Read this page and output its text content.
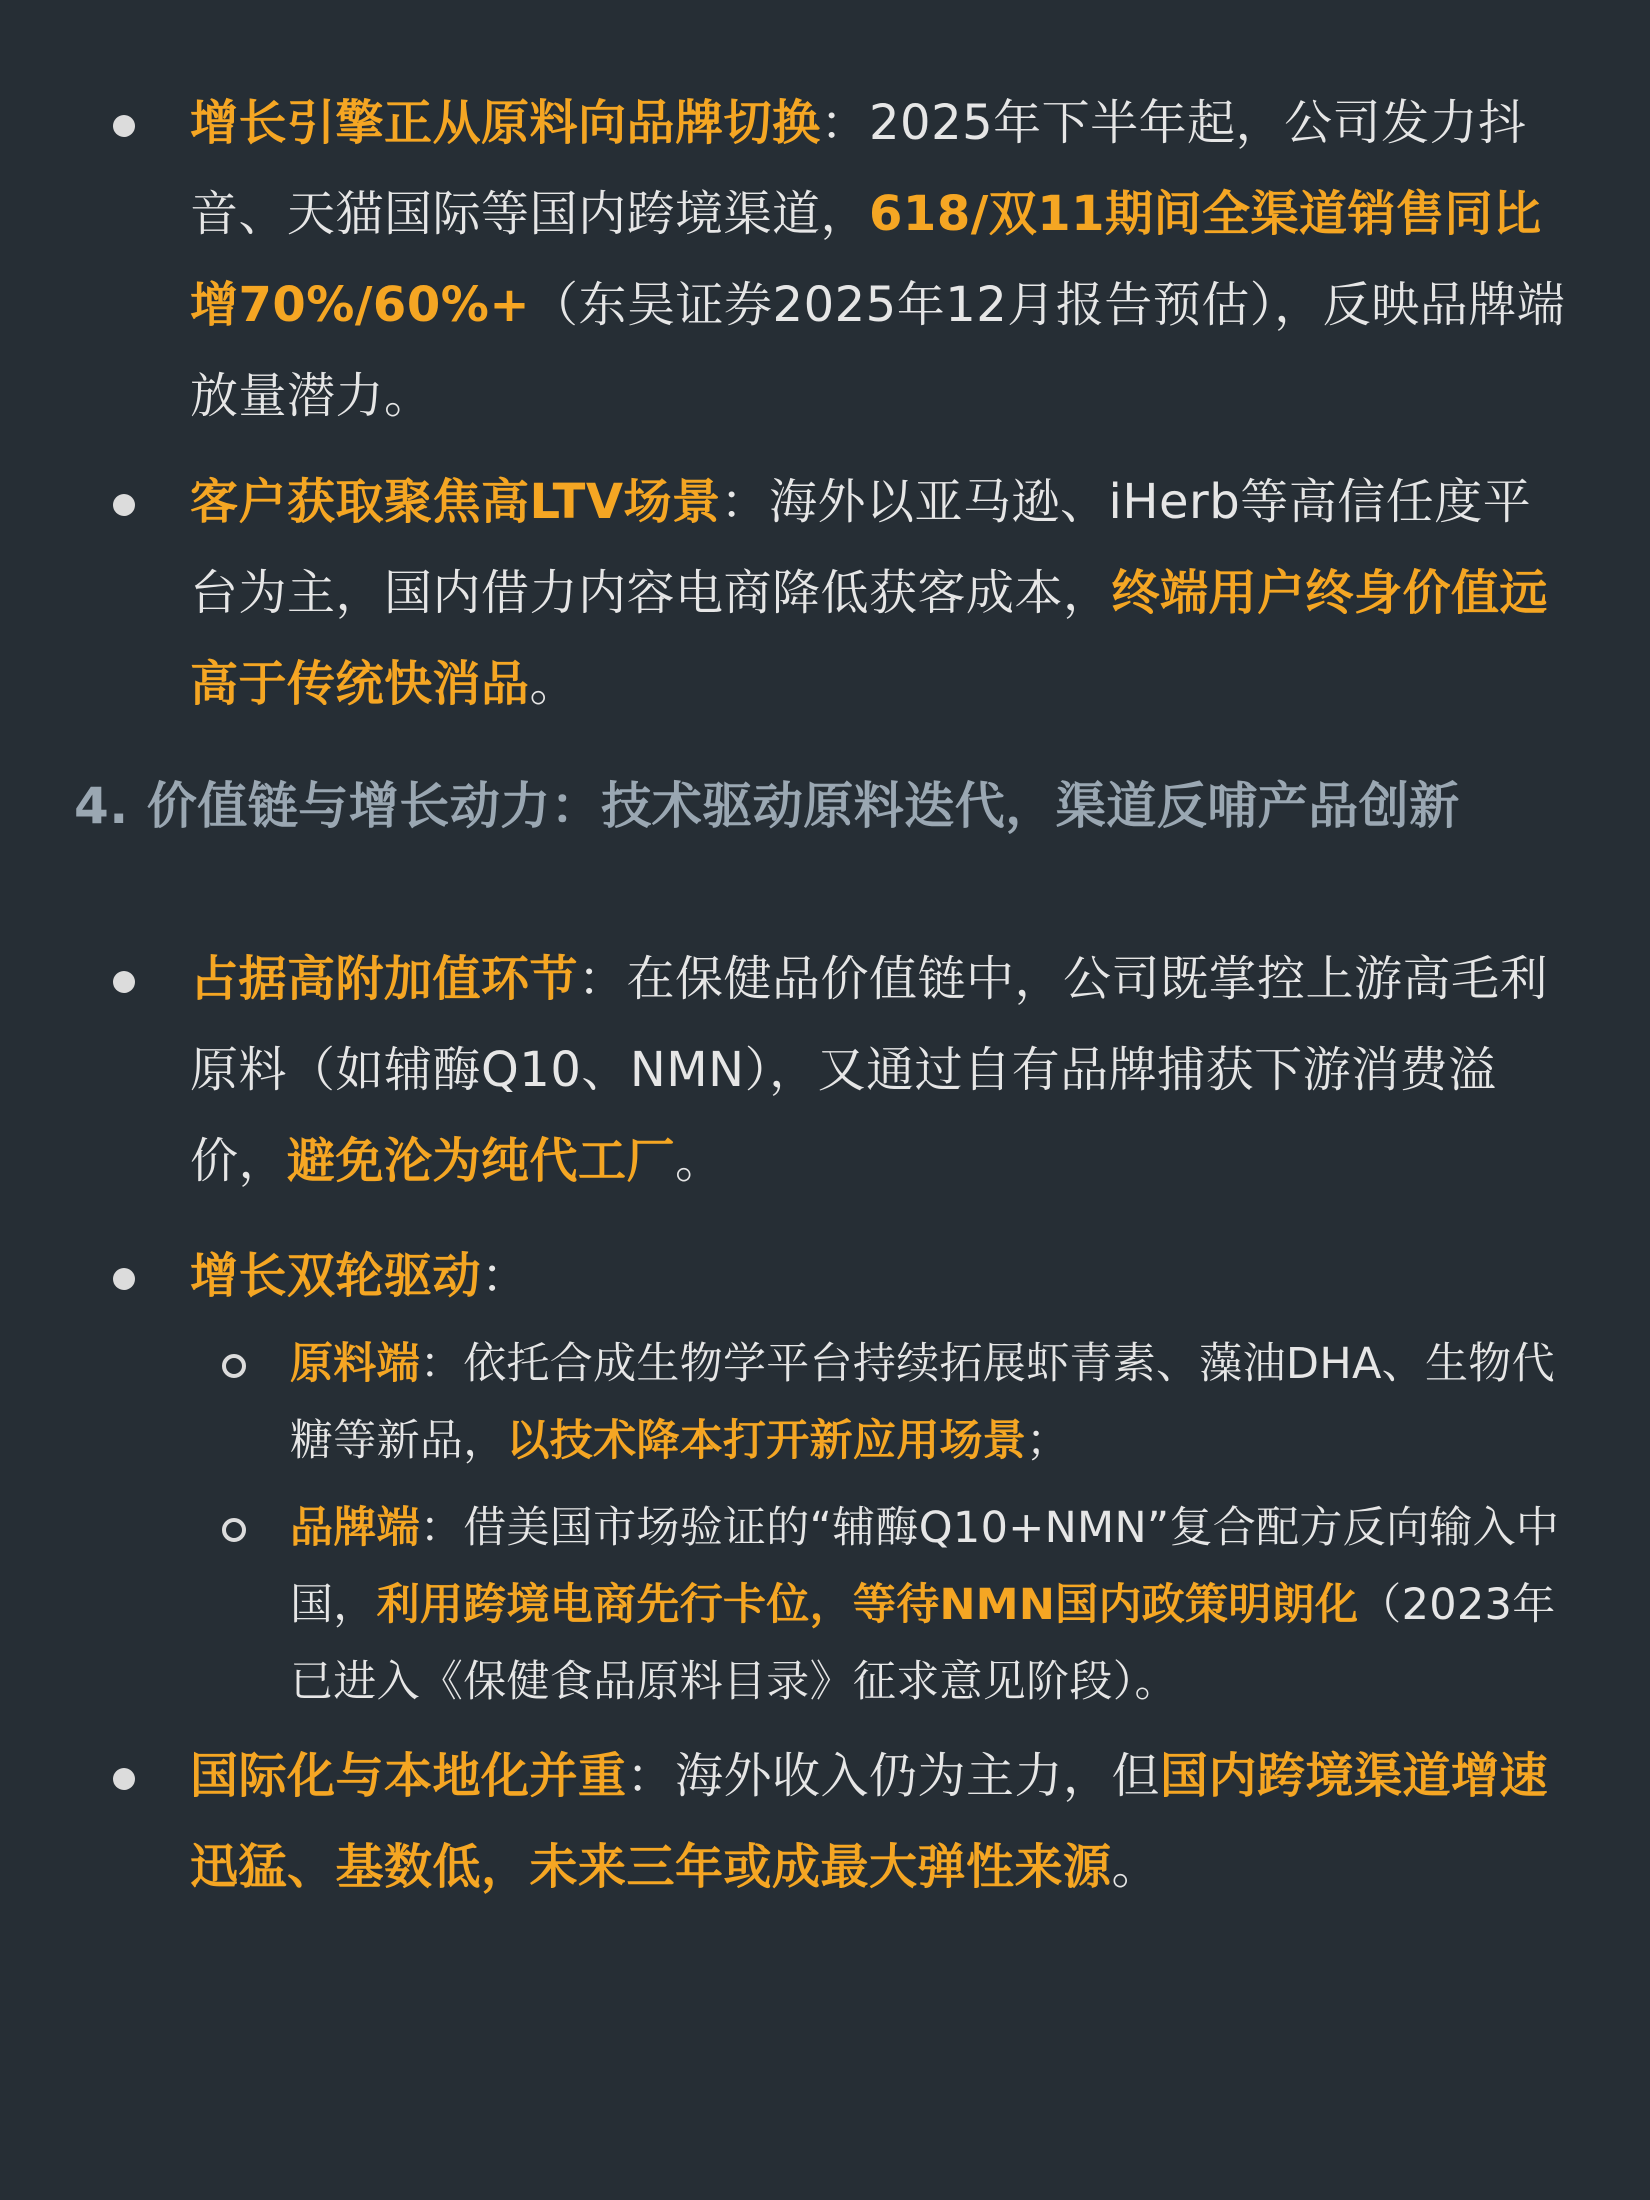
增长引擎正从原料向品牌切换：2025年下半年起，公司发力抖音、天猫国际等国内跨境渠道，618/双11期间全渠道销售同比增70%/60%+（东吴证券2025年12月报告预估），反映品牌端放量潜力。
客户获取聚焦高LTV场景：海外以亚马逊、iHerb等高信任度平台为主，国内借力内容电商降低获客成本，终端用户终身价值远高于传统快消品。
4. 价值链与增长动力：技术驱动原料迭代，渠道反哺产品创新
占据高附加值环节：在保健品价值链中，公司既掌控上游高毛利原料（如辅酶Q10、NMN），又通过自有品牌捕获下游消费溢价，避免沦为纯代工厂。
增长双轮驱动：
原料端：依托合成生物学平台持续拓展虾青素、藻油DHA、生物代糖等新品，以技术降本打开新应用场景；
品牌端：借美国市场验证的“辅酶Q10+NMN”复合配方反向输入中国，利用跨境电商先行卡位，等待NMN国内政策明朗化（2023年已进入《保健食品原料目录》征求意见阶段）。
国际化与本地化并重：海外收入仍为主力，但国内跨境渠道增速迅猛、基数低，未来三年或成最大弹性来源。
